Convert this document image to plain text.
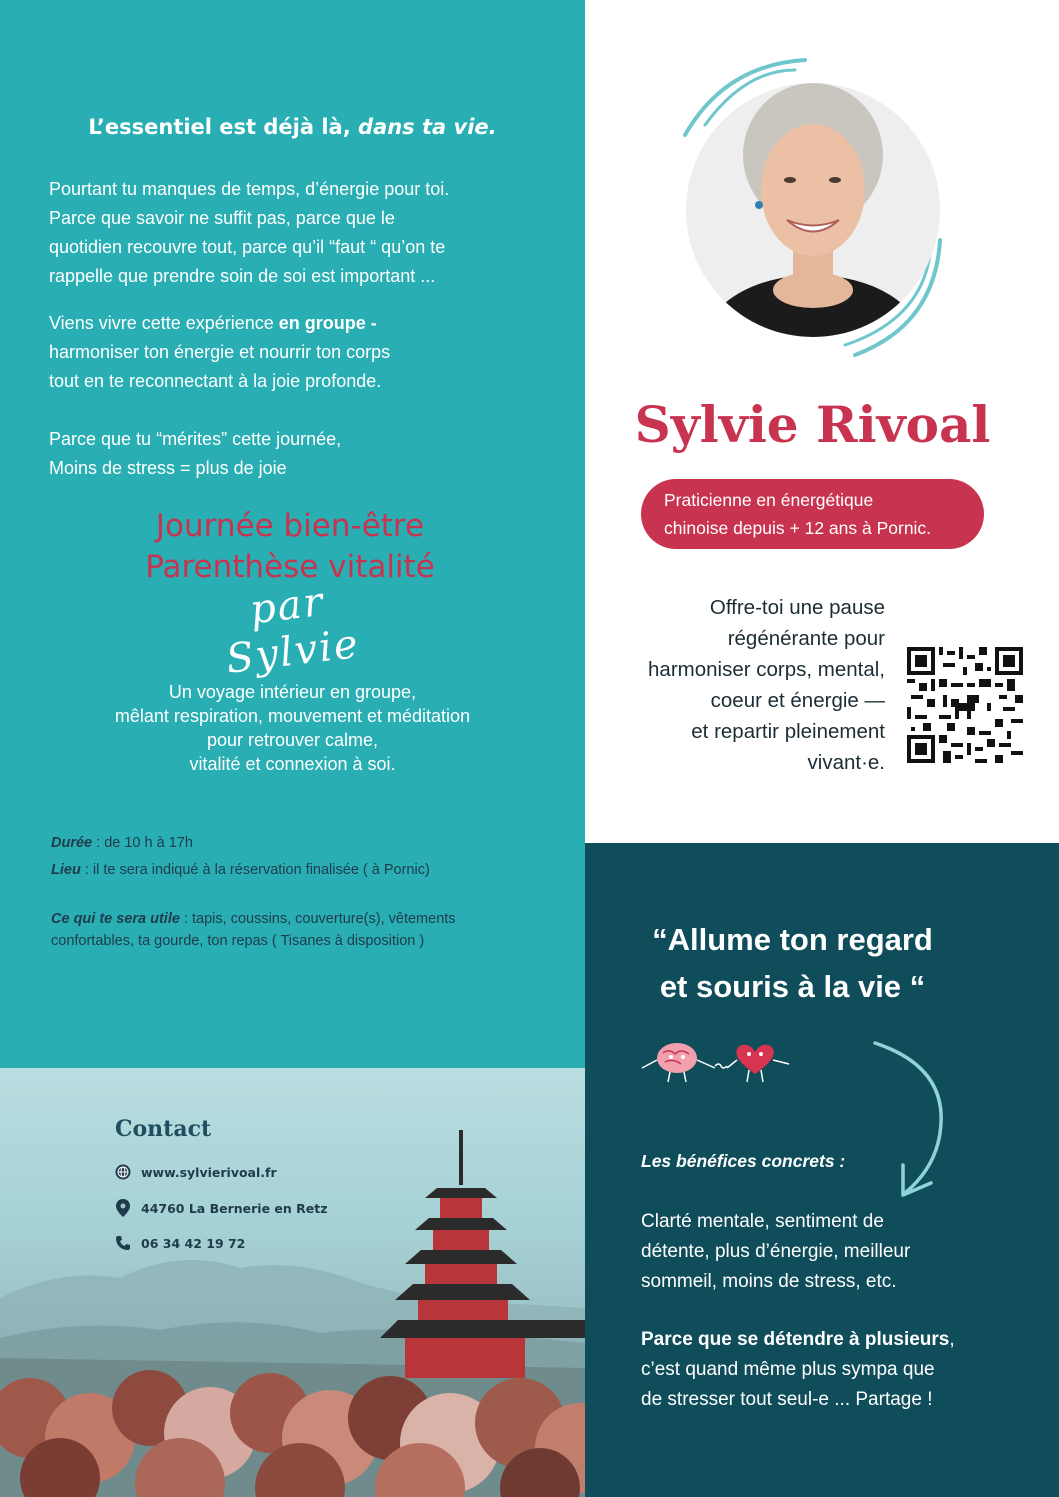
L’essentiel est déjà là, dans ta vie.
Pourtant tu manques de temps, d’énergie pour toi.
Parce que savoir ne suffit pas, parce que le
quotidien recouvre tout, parce qu’il “faut “ qu’on te
rappelle que prendre soin de soi est important ...
Viens vivre cette expérience en groupe -
harmoniser ton énergie et nourrir ton corps
tout en te reconnectant à la joie profonde.
Parce que tu “mérites” cette journée,
Moins de stress = plus de joie
Journée bien-être
Parenthèse vitalité
par Sylvie
Un voyage intérieur en groupe,
mêlant respiration, mouvement et méditation
pour retrouver calme,
vitalité et connexion à soi.
Durée : de 10 h à 17h
Lieu : il te sera indiqué à la réservation finalisée ( à Pornic)
Ce qui te sera utile : tapis, coussins, couverture(s), vêtements
confortables, ta gourde, ton repas ( Tisanes à disposition )
Contact
www.sylvierivoal.fr
44760 La Bernerie en Retz
06 34 42 19 72
Sylvie Rivoal
Praticienne en énergétique
chinoise depuis + 12 ans à Pornic.
Offre-toi une pause
régénérante pour
harmoniser corps, mental,
coeur et énergie —
et repartir pleinement
vivant·e.
“Allume ton regard
et souris à la vie “
Les bénéfices concrets :
Clarté mentale, sentiment de
détente, plus d’énergie, meilleur
sommeil, moins de stress, etc.
Parce que se détendre à plusieurs,
c’est quand même plus sympa que
de stresser tout seul-e ... Partage !
